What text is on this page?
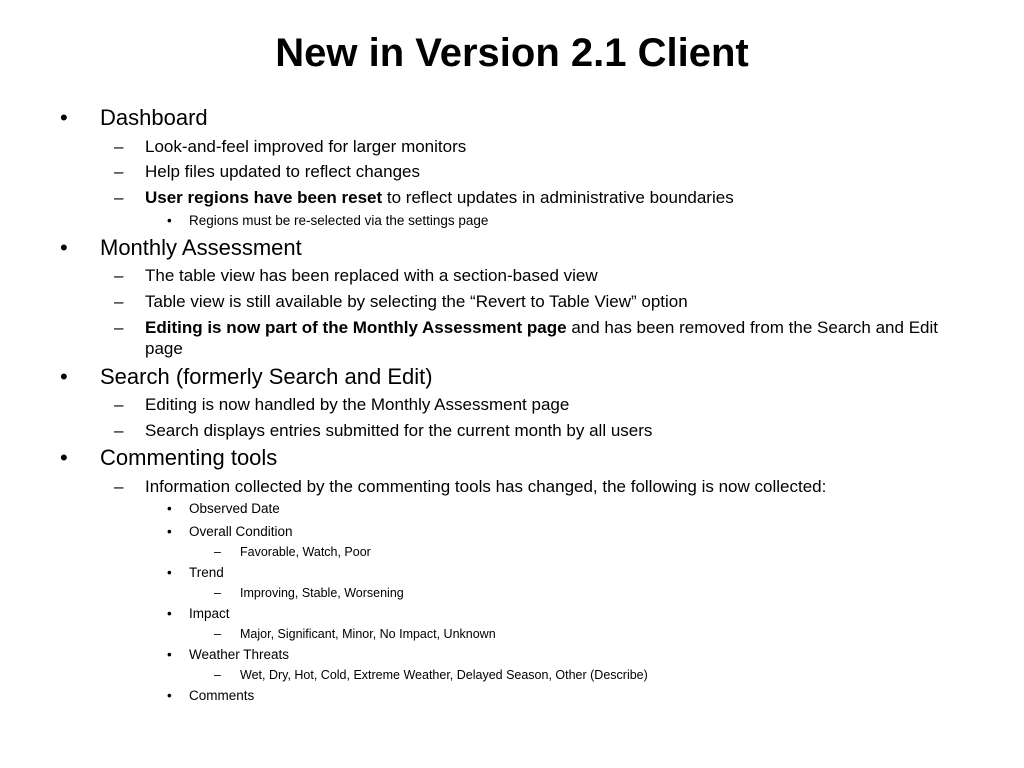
New in Version 2.1 Client
• Dashboard
– Look-and-feel improved for larger monitors
– Help files updated to reflect changes
– User regions have been reset to reflect updates in administrative boundaries
• Regions must be re-selected via the settings page
• Monthly Assessment
– The table view has been replaced with a section-based view
– Table view is still available by selecting the “Revert to Table View” option
– Editing is now part of the Monthly Assessment page and has been removed from the Search and Edit page
• Search (formerly Search and Edit)
– Editing is now handled by the Monthly Assessment page
– Search displays entries submitted for the current month by all users
• Commenting tools
– Information collected by the commenting tools has changed, the following is now collected:
• Observed Date
• Overall Condition
– Favorable, Watch, Poor
• Trend
– Improving, Stable, Worsening
• Impact
– Major, Significant, Minor, No Impact, Unknown
• Weather Threats
– Wet, Dry, Hot, Cold, Extreme Weather, Delayed Season, Other (Describe)
• Comments
